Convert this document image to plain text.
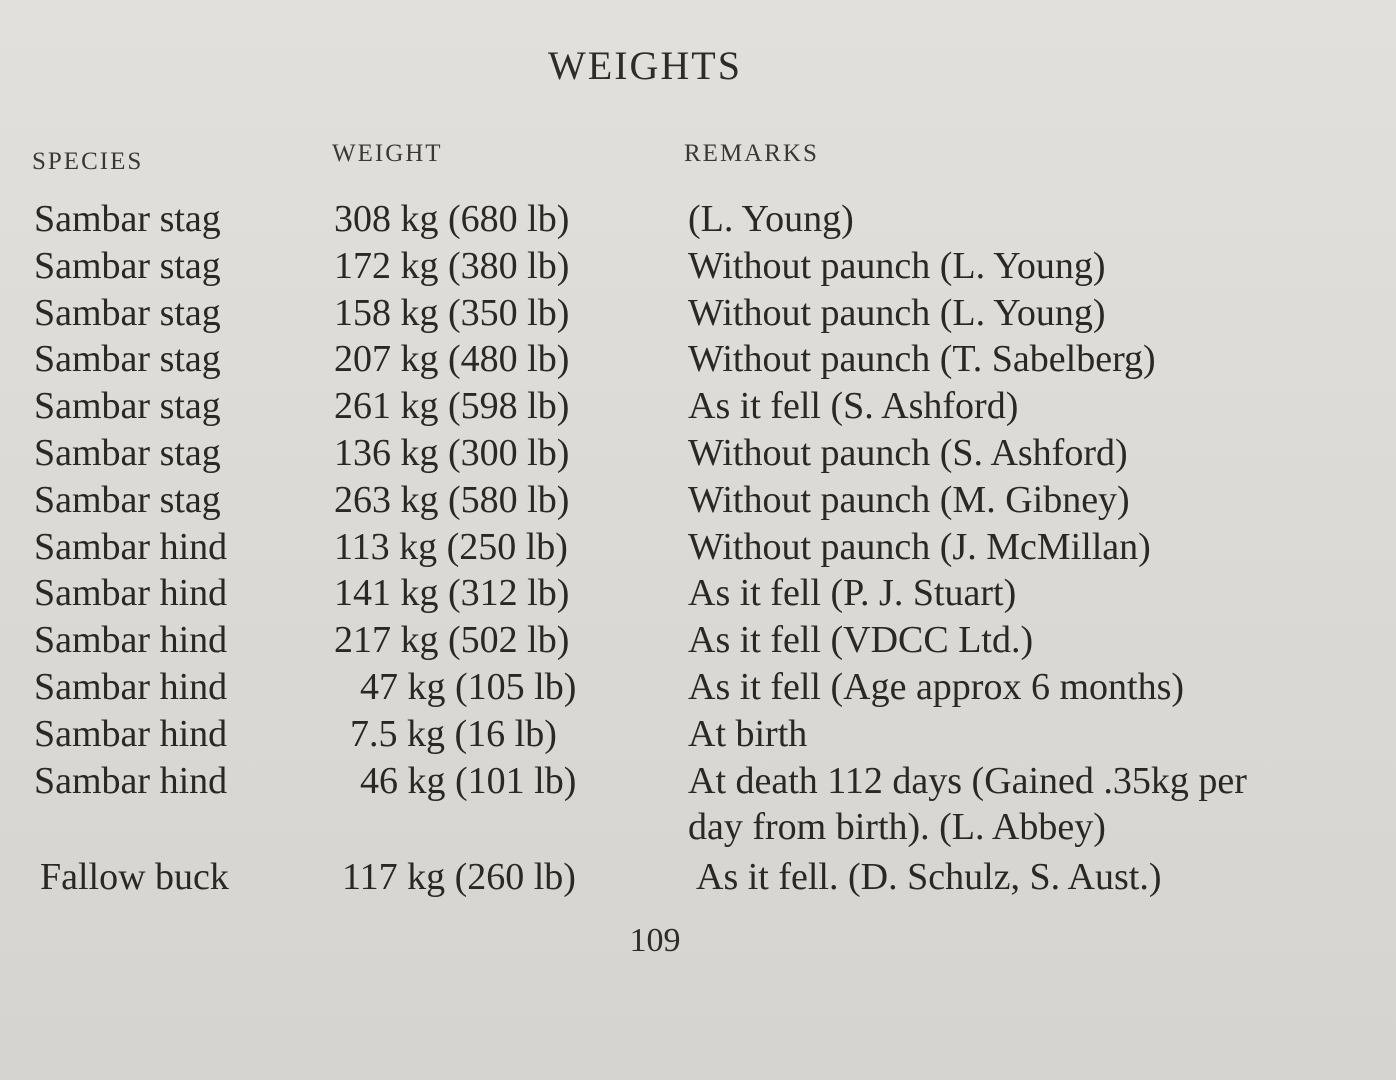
WEIGHTS
SPECIES	WEIGHT	REMARKS
Sambar stag	308 kg (680 lb)	(L. Young)
Sambar stag	172 kg (380 lb)	Without paunch (L. Young)
Sambar stag	158 kg (350 lb)	Without paunch (L. Young)
Sambar stag	207 kg (480 lb)	Without paunch (T. Sabelberg)
Sambar stag	261 kg (598 lb)	As it fell (S. Ashford)
Sambar stag	136 kg (300 lb)	Without paunch (S. Ashford)
Sambar stag	263 kg (580 lb)	Without paunch (M. Gibney)
Sambar hind	113 kg (250 lb)	Without paunch (J. McMillan)
Sambar hind	141 kg (312 lb)	As it fell (P. J. Stuart)
Sambar hind	217 kg (502 lb)	As it fell (VDCC Ltd.)
Sambar hind	47 kg (105 lb)	As it fell (Age approx 6 months)
Sambar hind	7.5 kg (16 lb)	At birth
Sambar hind	46 kg (101 lb)	At death 112 days (Gained .35kg per day from birth). (L. Abbey)
Fallow buck	117 kg (260 lb)	As it fell. (D. Schulz, S. Aust.)
109
